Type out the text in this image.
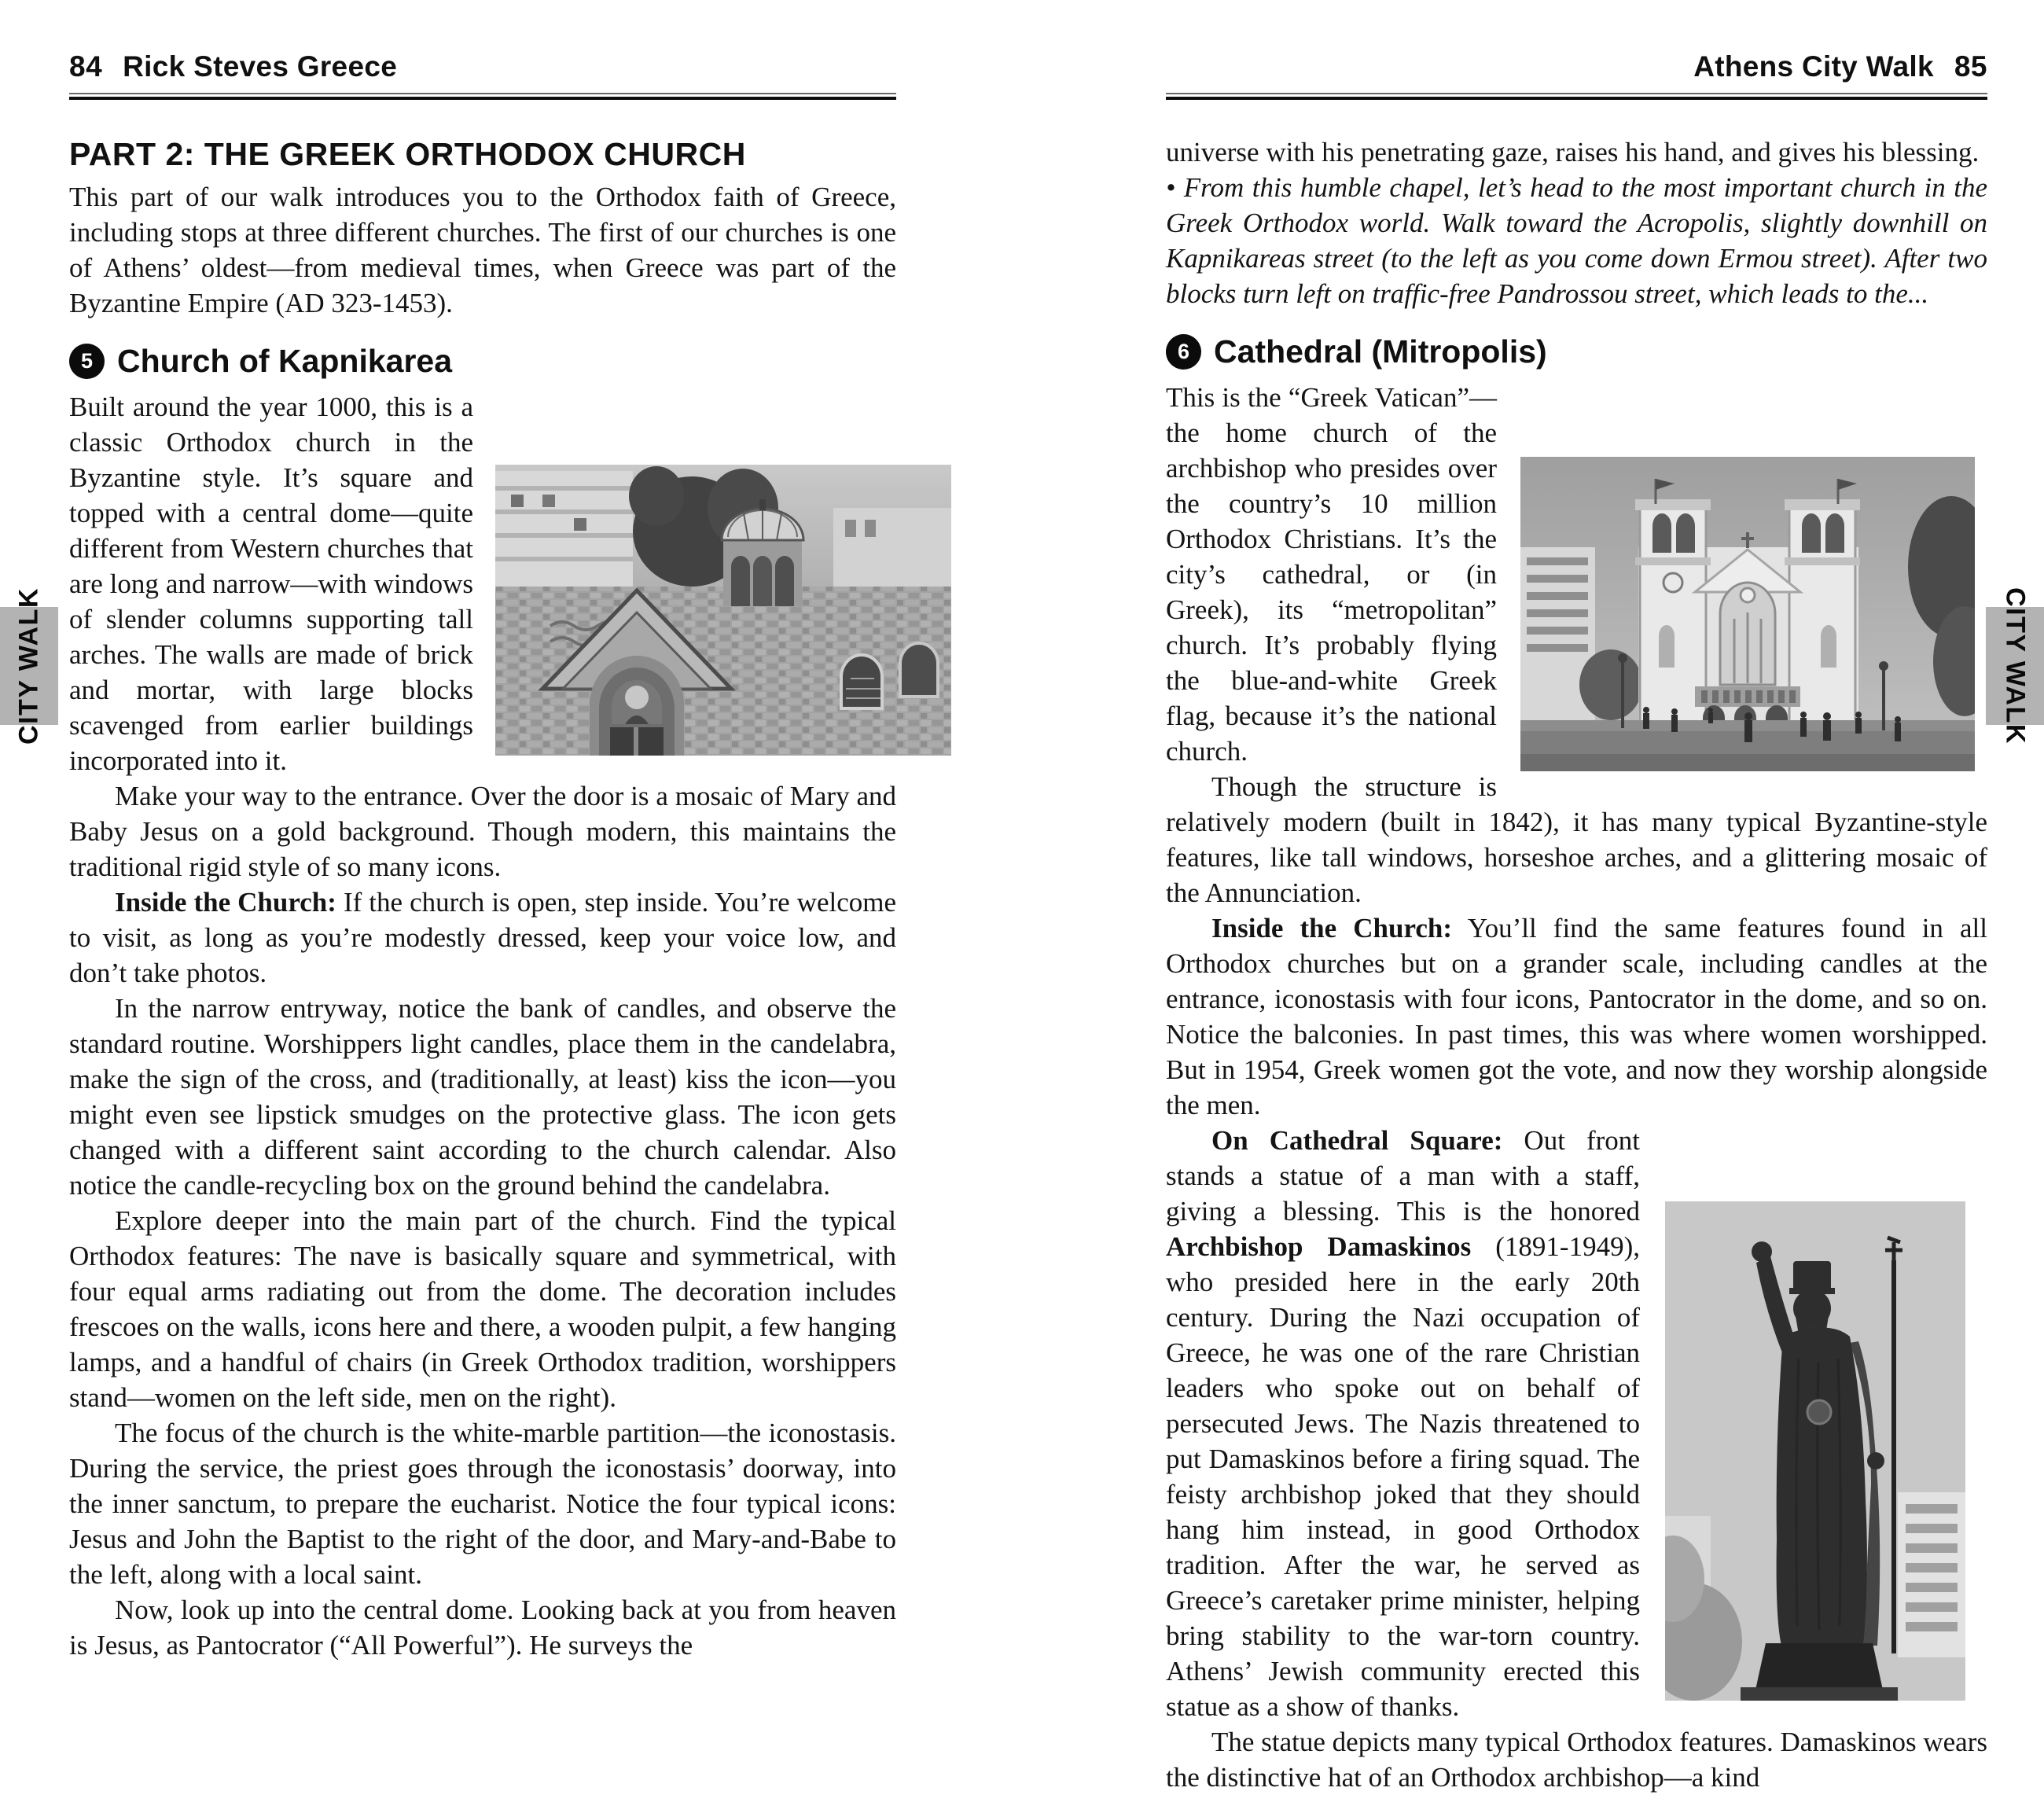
84 Rick Steves Greece
PART 2: THE GREEK ORTHODOX CHURCH

This part of our walk introduces you to the Orthodox faith of Greece, including stops at three different churches. The first of our churches is one of Athens’ oldest—from medieval times, when Greece was part of the Byzantine Empire (AD 323-1453).

5 Church of Kapnikarea

Built around the year 1000, this is a classic Orthodox church in the Byzantine style. It’s square and topped with a central dome—quite different from Western churches that are long and narrow—with windows of slender columns supporting tall arches. The walls are made of brick and mortar, with large blocks scavenged from earlier buildings incorporated into it.

Make your way to the entrance. Over the door is a mosaic of Mary and Baby Jesus on a gold background. Though modern, this maintains the traditional rigid style of so many icons.

Inside the Church: If the church is open, step inside. You’re welcome to visit, as long as you’re modestly dressed, keep your voice low, and don’t take photos.

In the narrow entryway, notice the bank of candles, and observe the standard routine. Worshippers light candles, place them in the candelabra, make the sign of the cross, and (traditionally, at least) kiss the icon—you might even see lipstick smudges on the protective glass. The icon gets changed with a different saint according to the church calendar. Also notice the candle-recycling box on the ground behind the candelabra.

Explore deeper into the main part of the church. Find the typical Orthodox features: The nave is basically square and symmetrical, with four equal arms radiating out from the dome. The decoration includes frescoes on the walls, icons here and there, a wooden pulpit, a few hanging lamps, and a handful of chairs (in Greek Orthodox tradition, worshippers stand—women on the left side, men on the right).

The focus of the church is the white-marble partition—the iconostasis. During the service, the priest goes through the iconostasis’ doorway, into the inner sanctum, to prepare the eucharist. Notice the four typical icons: Jesus and John the Baptist to the right of the door, and Mary-and-Babe to the left, along with a local saint.

Now, look up into the central dome. Looking back at you from heaven is Jesus, as Pantocrator (“All Powerful”). He surveys the

Athens City Walk 85

universe with his penetrating gaze, raises his hand, and gives his blessing.

• From this humble chapel, let’s head to the most important church in the Greek Orthodox world. Walk toward the Acropolis, slightly downhill on Kapnikareas street (to the left as you come down Ermou street). After two blocks turn left on traffic-free Pandrossou street, which leads to the...

6 Cathedral (Mitropolis)

This is the “Greek Vatican”—the home church of the archbishop who presides over the country’s 10 million Orthodox Christians. It’s the city’s cathedral, or (in Greek), its “metropolitan” church. It’s probably flying the blue-and-white Greek flag, because it’s the national church.

Though the structure is relatively modern (built in 1842), it has many typical Byzantine-style features, like tall windows, horseshoe arches, and a glittering mosaic of the Annunciation.

Inside the Church: You’ll find the same features found in all Orthodox churches but on a grander scale, including candles at the entrance, iconostasis with four icons, Pantocrator in the dome, and so on. Notice the balconies. In past times, this was where women worshipped. But in 1954, Greek women got the vote, and now they worship alongside the men.

On Cathedral Square: Out front stands a statue of a man with a staff, giving a blessing. This is the honored Archbishop Damaskinos (1891-1949), who presided here in the early 20th century. During the Nazi occupation of Greece, he was one of the rare Christian leaders who spoke out on behalf of persecuted Jews. The Nazis threatened to put Damaskinos before a firing squad. The feisty archbishop joked that they should hang him instead, in good Orthodox tradition. After the war, he served as Greece’s caretaker prime minister, helping bring stability to the war-torn country. Athens’ Jewish community erected this statue as a show of thanks.

The statue depicts many typical Orthodox features. Damaskinos wears the distinctive hat of an Orthodox archbishop—a kind

CITY WALK	CITY WALK
